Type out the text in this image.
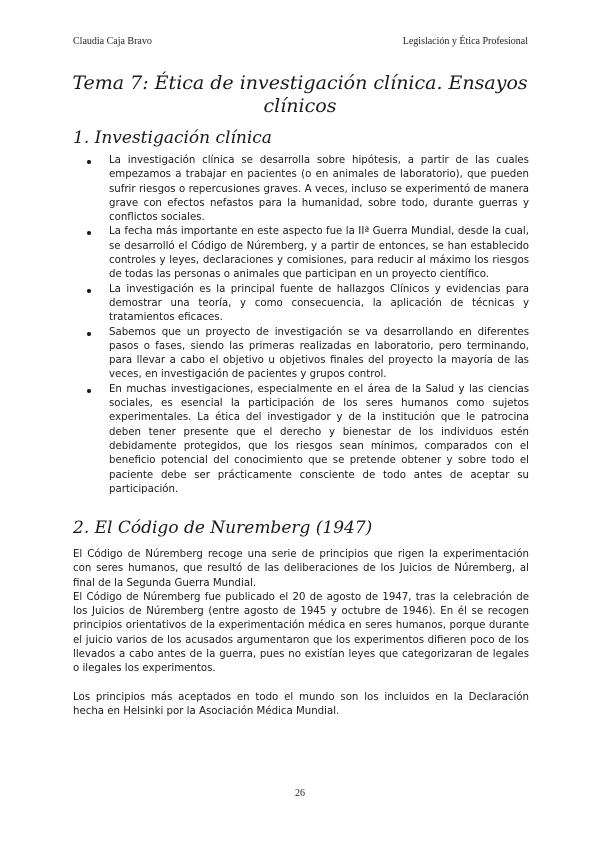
Claudia Caja Bravo	Legislación y Ética Profesional
Tema 7: Ética de investigación clínica. Ensayos clínicos
1. Investigación clínica
La investigación clínica se desarrolla sobre hipótesis, a partir de las cuales empezamos a trabajar en pacientes (o en animales de laboratorio), que pueden sufrir riesgos o repercusiones graves. A veces, incluso se experimentó de manera grave con efectos nefastos para la humanidad, sobre todo, durante guerras y conflictos sociales.
La fecha más importante en este aspecto fue la IIª Guerra Mundial, desde la cual, se desarrolló el Código de Núremberg, y a partir de entonces, se han establecido controles y leyes, declaraciones y comisiones, para reducir al máximo los riesgos de todas las personas o animales que participan en un proyecto científico.
La investigación es la principal fuente de hallazgos Clínicos y evidencias para demostrar una teoría, y como consecuencia, la aplicación de técnicas y tratamientos eficaces.
Sabemos que un proyecto de investigación se va desarrollando en diferentes pasos o fases, siendo las primeras realizadas en laboratorio, pero terminando, para llevar a cabo el objetivo u objetivos finales del proyecto la mayoría de las veces, en investigación de pacientes y grupos control.
En muchas investigaciones, especialmente en el área de la Salud y las ciencias sociales, es esencial la participación de los seres humanos como sujetos experimentales. La ética del investigador y de la institución que le patrocina deben tener presente que el derecho y bienestar de los individuos estén debidamente protegidos, que los riesgos sean mínimos, comparados con el beneficio potencial del conocimiento que se pretende obtener y sobre todo el paciente debe ser prácticamente consciente de todo antes de aceptar su participación.
2. El Código de Nuremberg (1947)

El Código de Núremberg recoge una serie de principios que rigen la experimentación con seres humanos, que resultó de las deliberaciones de los Juicios de Núremberg, al final de la Segunda Guerra Mundial.

El Código de Núremberg fue publicado el 20 de agosto de 1947, tras la celebración de los Juicios de Núremberg (entre agosto de 1945 y octubre de 1946). En él se recogen principios orientativos de la experimentación médica en seres humanos, porque durante el juicio varios de los acusados argumentaron que los experimentos difieren poco de los llevados a cabo antes de la guerra, pues no existían leyes que categorizaran de legales o ilegales los experimentos.

Los principios más aceptados en todo el mundo son los incluidos en la Declaración hecha en Helsinki por la Asociación Médica Mundial.

26
